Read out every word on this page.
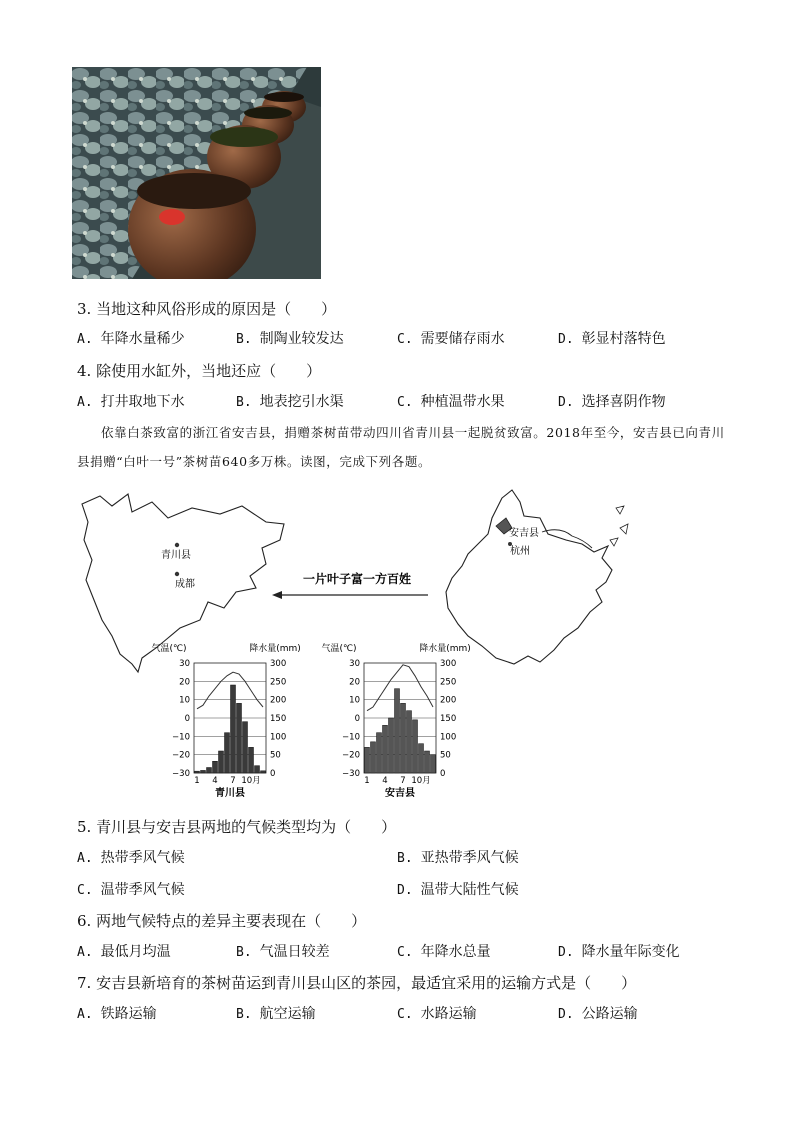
3. 当地这种风俗形成的原因是（　　）
A. 年降水量稀少	B. 制陶业较发达	C. 需要储存雨水	D. 彰显村落特色
4. 除使用水缸外，当地还应（　　）
A. 打井取地下水	B. 地表挖引水渠	C. 种植温带水果	D. 选择喜阴作物
依靠白茶致富的浙江省安吉县，捐赠茶树苗带动四川省青川县一起脱贫致富。2018年至今，安吉县已向青川县捐赠“白叶一号”茶树苗640多万株。读图，完成下列各题。
青川县
成都	一片叶子富一方百姓
安吉县
杭州
气温(℃)	降水量(mm)
30
20
10
0
−10
−20
−30
300
250
200
150
100
50
0
1 4 7 10月
青川县
气温(℃)	降水量(mm)
30
20
10
0
−10
−20
−30
300
250
200
150
100
50
0
1 4 7 10月
安吉县
5. 青川县与安吉县两地的气候类型均为（　　）
A. 热带季风气候	B. 亚热带季风气候
C. 温带季风气候	D. 温带大陆性气候
6. 两地气候特点的差异主要表现在（　　）
A. 最低月均温	B. 气温日较差	C. 年降水总量	D. 降水量年际变化
7. 安吉县新培育的茶树苗运到青川县山区的茶园，最适宜采用的运输方式是（　　）
A. 铁路运输	B. 航空运输	C. 水路运输	D. 公路运输
